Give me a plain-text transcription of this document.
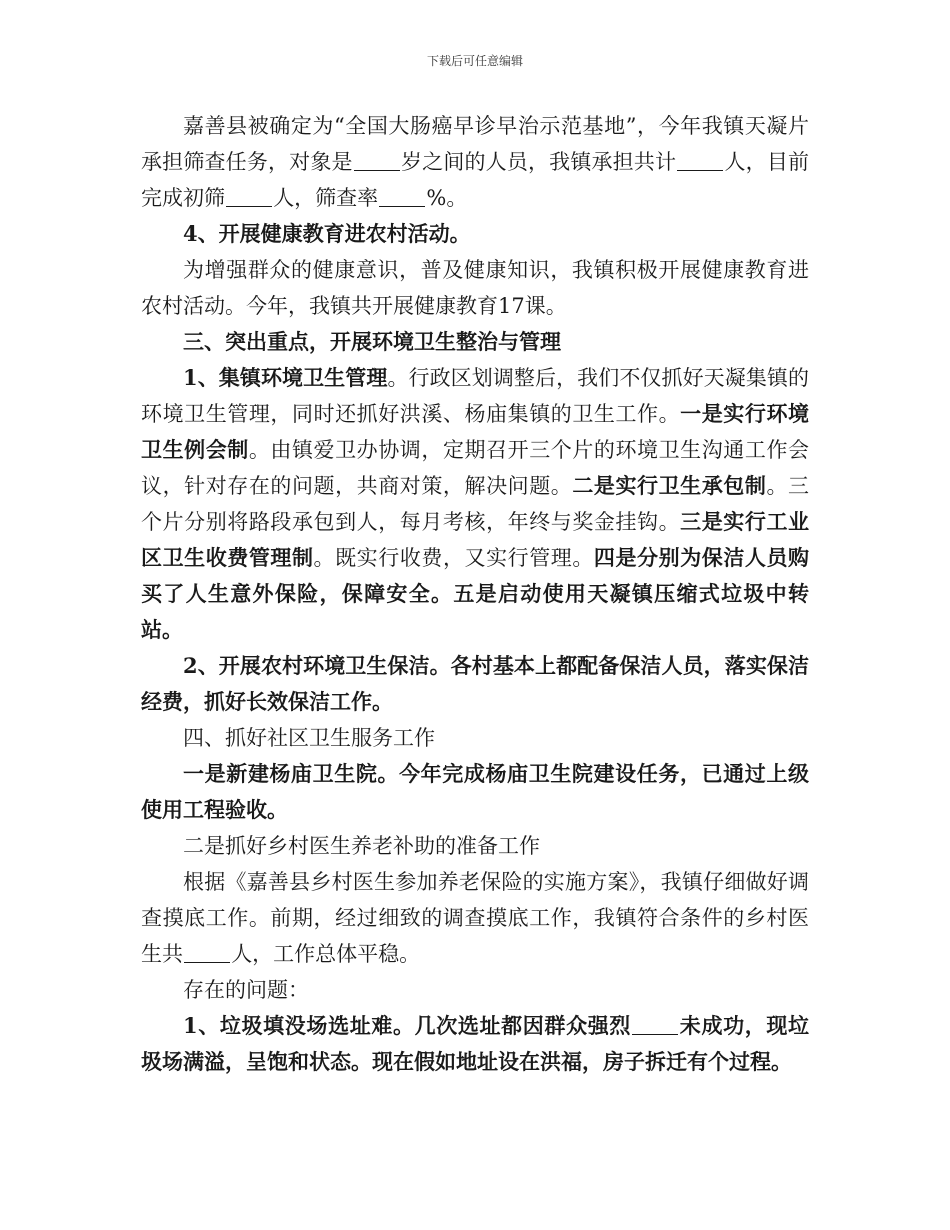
下载后可任意编辑

嘉善县被确定为“全国大肠癌早诊早治示范基地”，今年我镇天凝片承担筛查任务，对象是 岁之间的人员，我镇承担共计 人，目前完成初筛 人，筛查率 %。

4、开展健康教育进农村活动。

为增强群众的健康意识，普及健康知识，我镇积极开展健康教育进农村活动。今年，我镇共开展健康教育17课。

三、突出重点，开展环境卫生整治与管理

1、集镇环境卫生管理。行政区划调整后，我们不仅抓好天凝集镇的环境卫生管理，同时还抓好洪溪、杨庙集镇的卫生工作。一是实行环境卫生例会制。由镇爱卫办协调，定期召开三个片的环境卫生沟通工作会议，针对存在的问题，共商对策，解决问题。二是实行卫生承包制。三个片分别将路段承包到人，每月考核，年终与奖金挂钩。三是实行工业区卫生收费管理制。既实行收费，又实行管理。四是分别为保洁人员购买了人生意外保险，保障安全。五是启动使用天凝镇压缩式垃圾中转站。

2、开展农村环境卫生保洁。各村基本上都配备保洁人员，落实保洁经费，抓好长效保洁工作。

四、抓好社区卫生服务工作

一是新建杨庙卫生院。今年完成杨庙卫生院建设任务，已通过上级使用工程验收。

二是抓好乡村医生养老补助的准备工作

根据《嘉善县乡村医生参加养老保险的实施方案》，我镇仔细做好调查摸底工作。前期，经过细致的调查摸底工作，我镇符合条件的乡村医生共 人，工作总体平稳。

存在的问题：

1、垃圾填没场选址难。几次选址都因群众强烈 未成功，现垃圾场满溢，呈饱和状态。现在假如地址设在洪福，房子拆迁有个过程。
